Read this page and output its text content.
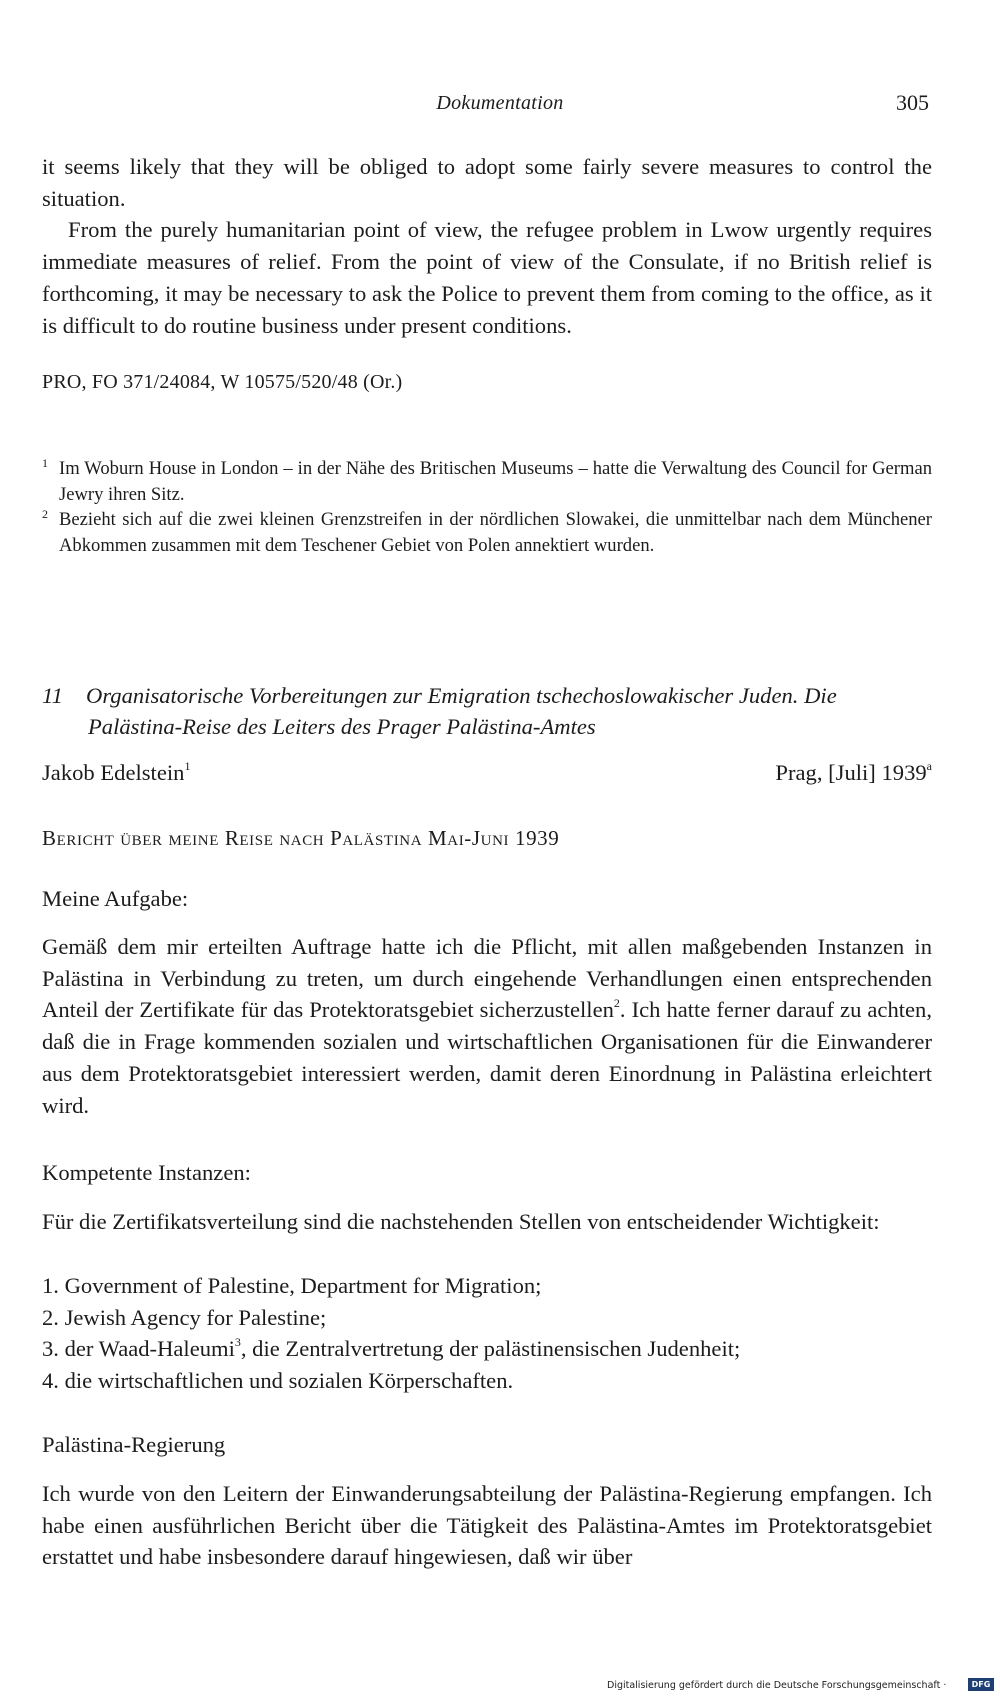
Dokumentation	305

it seems likely that they will be obliged to adopt some fairly severe measures to control the situation.

From the purely humanitarian point of view, the refugee problem in Lwow urgently requires immediate measures of relief. From the point of view of the Consulate, if no British relief is forthcoming, it may be necessary to ask the Police to prevent them from coming to the office, as it is difficult to do routine business under present conditions.

PRO, FO 371/24084, W 10575/520/48 (Or.)

1 Im Woburn House in London – in der Nähe des Britischen Museums – hatte die Verwaltung des Council for German Jewry ihren Sitz.

2 Bezieht sich auf die zwei kleinen Grenzstreifen in der nördlichen Slowakei, die unmittelbar nach dem Münchener Abkommen zusammen mit dem Teschener Gebiet von Polen annektiert wurden.

11 Organisatorische Vorbereitungen zur Emigration tschechoslowakischer Juden. Die
Palästina-Reise des Leiters des Prager Palästina-Amtes
Jakob Edelstein$^1$	Prag, [Juli] 1939$^a$
Bericht über meine Reise nach Palästina Mai-Juni 1939
Meine Aufgabe:

Gemäß dem mir erteilten Auftrage hatte ich die Pflicht, mit allen maßgebenden Instanzen in Palästina in Verbindung zu treten, um durch eingehende Verhandlungen einen entsprechenden Anteil der Zertifikate für das Protektoratsgebiet sicherzustellen$^2$. Ich hatte ferner darauf zu achten, daß die in Frage kommenden sozialen und wirtschaftlichen Organisationen für die Einwanderer aus dem Protektoratsgebiet interessiert werden, damit deren Einordnung in Palästina erleichtert wird.

Kompetente Instanzen:

Für die Zertifikatsverteilung sind die nachstehenden Stellen von entscheidender Wichtigkeit:

1. Government of Palestine, Department for Migration;
2. Jewish Agency for Palestine;
3. der Waad-Haleumi$^3$, die Zentralvertretung der palästinensischen Judenheit;
4. die wirtschaftlichen und sozialen Körperschaften.
Palästina-Regierung

Ich wurde von den Leitern der Einwanderungsabteilung der Palästina-Regierung empfangen. Ich habe einen ausführlichen Bericht über die Tätigkeit des Palästina-Amtes im Protektoratsgebiet erstattet und habe insbesondere darauf hingewiesen, daß wir über

Digitalisierung gefördert durch die Deutsche Forschungsgemeinschaft ·	DFG
